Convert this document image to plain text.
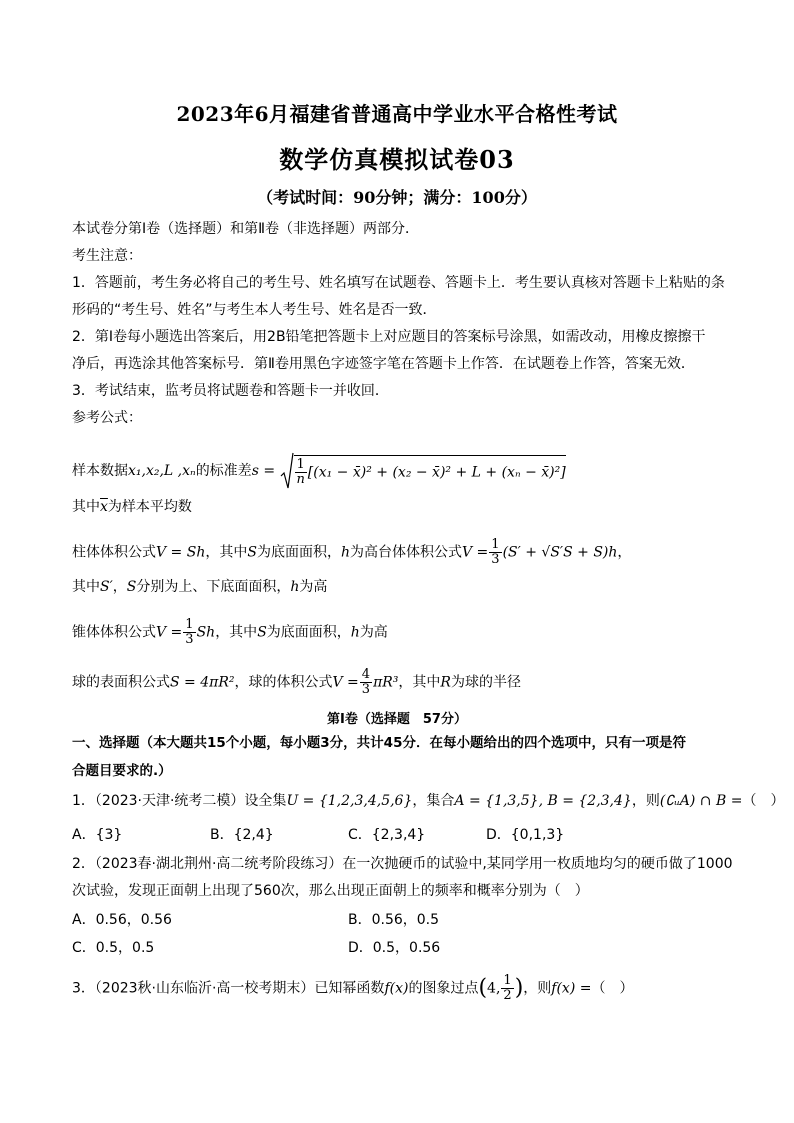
2023年6月福建省普通高中学业水平合格性考试
数学仿真模拟试卷03
（考试时间：90分钟；满分：100分）
本试卷分第Ⅰ卷（选择题）和第Ⅱ卷（非选择题）两部分．
考生注意：
1．答题前，考生务必将自己的考生号、姓名填写在试题卷、答题卡上．考生要认真核对答题卡上粘贴的条
形码的“考生号、姓名”与考生本人考生号、姓名是否一致．
2．第Ⅰ卷每小题选出答案后，用2B铅笔把答题卡上对应题目的答案标号涂黑，如需改动，用橡皮擦擦干
净后，再选涂其他答案标号．第Ⅱ卷用黑色字迹签字笔在答题卡上作答．在试题卷上作答，答案无效．
3．考试结束，监考员将试题卷和答题卡一并收回．
参考公式：
样本数据x₁,x₂,L ,xₙ的标准差$s = \frac{1}{n} [(x_1$ − x̄)² + (x₂ − x̄)² + L + (xₙ − x̄)²]
其中$\overline{x}$为样本平均数
柱体体积公式V = Sh，其中S为底面面积，h为高台体体积公式$V = \frac{1}{3} (S' + √S'S + S)h$，
其中S′，S分别为上、下底面面积，h为高
锥体体积公式$V = \frac{1}{3}$ Sh，其中S为底面面积，h为高
球的表面积公式S = 4πR²，球的体积公式$V = \frac{4}{3} \pi R^3$，其中R为球的半径
第Ⅰ卷（选择题　57分）
一、选择题（本大题共15个小题，每小题3分，共计45分．在每小题给出的四个选项中，只有一项是符
合题目要求的.）
1．（2023·天津·统考二模）设全集U = {1,2,3,4,5,6}，集合A = {1,3,5}, B = {2,3,4}，则(∁ᵤA) ∩ B =（　）
A．{3}	B．{2,4}	C．{2,3,4}	D．{0,1,3}
2．（2023春·湖北荆州·高二统考阶段练习）在一次抛硬币的试验中,某同学用一枚质地均匀的硬币做了1000
次试验，发现正面朝上出现了560次，那么出现正面朝上的频率和概率分别为（　）
A．0.56，0.56	B．0.56，0.5
C．0.5，0.5	D．0.5，0.56
3．（2023秋·山东临沂·高一校考期末）已知幂函数f(x)的图象过点(4, $\frac{1}{2}$ )，则f(x) =（　）
